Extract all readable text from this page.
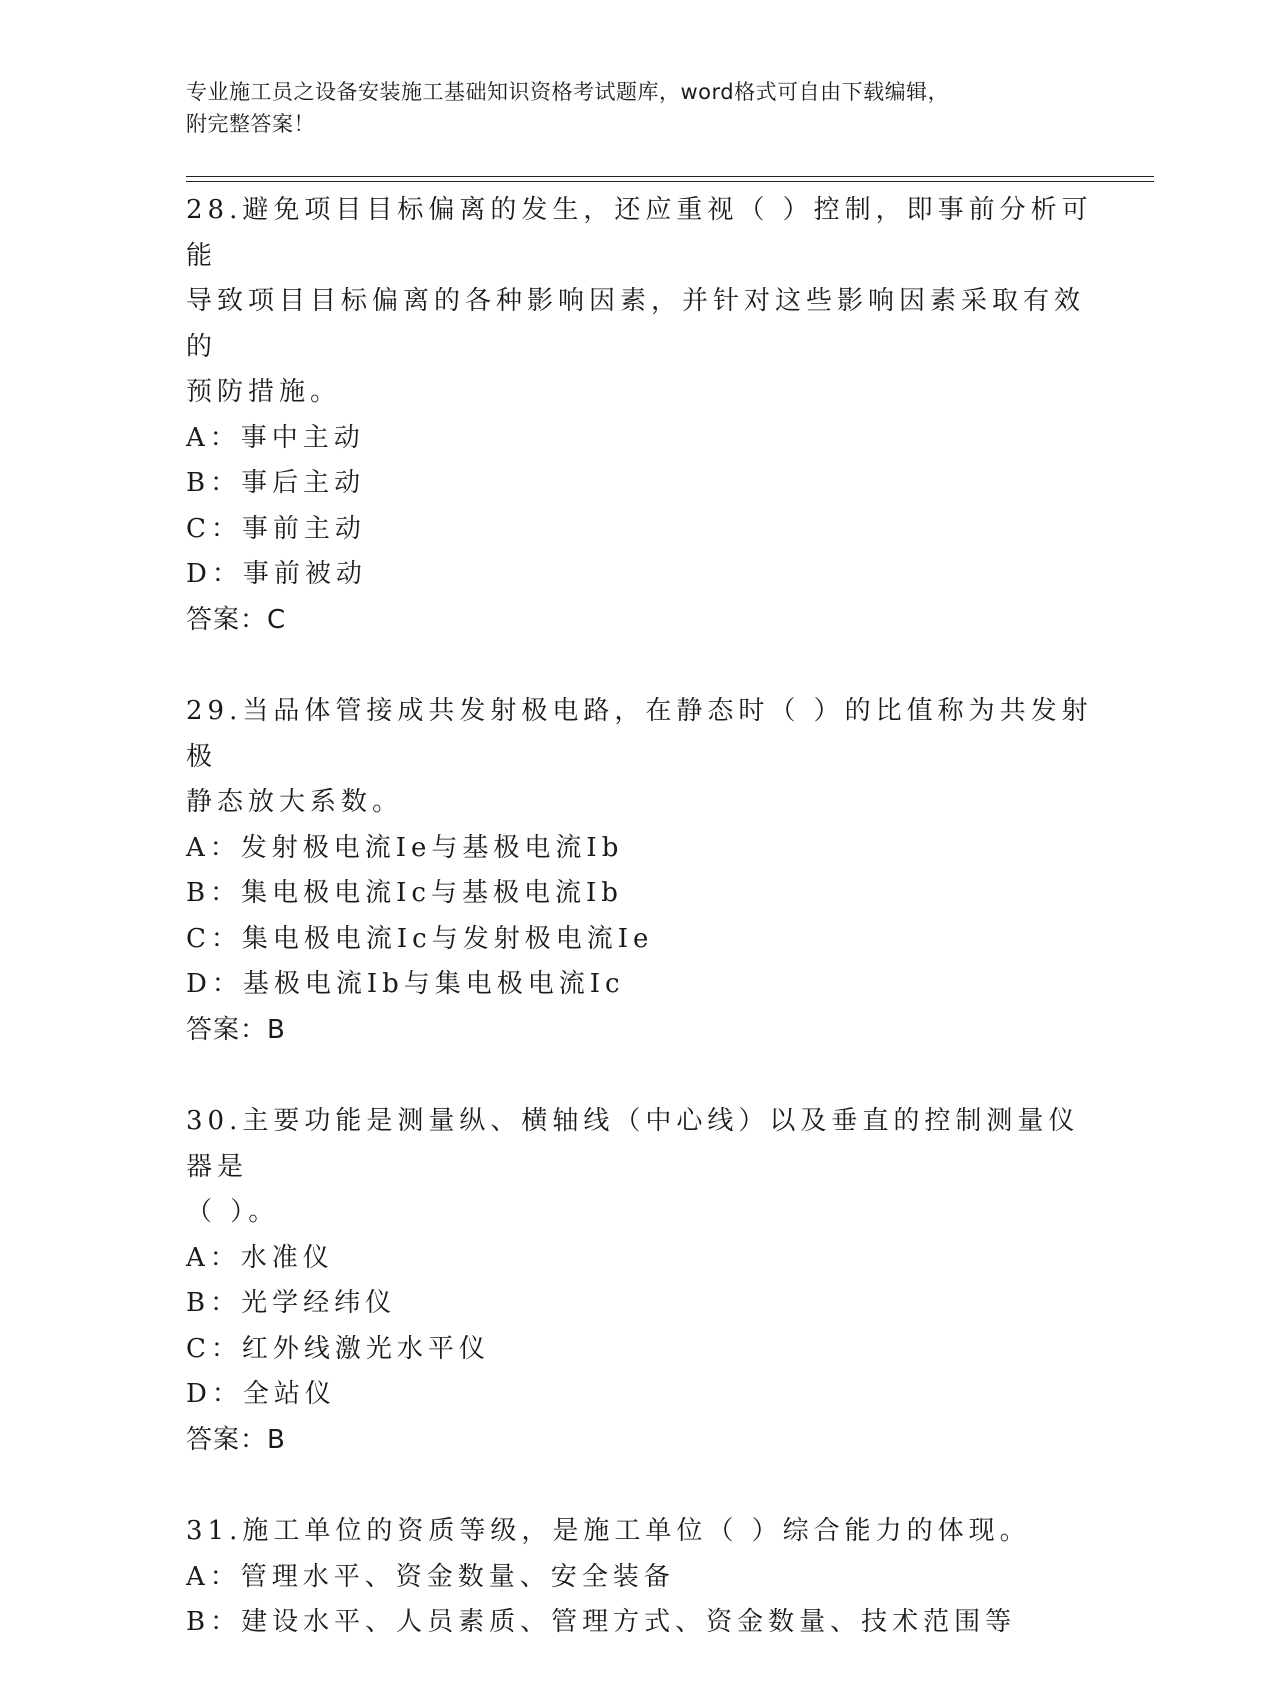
专业施工员之设备安装施工基础知识资格考试题库，word格式可自由下载编辑，
附完整答案！
28.避免项目目标偏离的发生，还应重视（ ）控制，即事前分析可能
导致项目目标偏离的各种影响因素，并针对这些影响因素采取有效的
预防措施。
A：事中主动
B：事后主动
C：事前主动
D：事前被动
答案：C
29.当品体管接成共发射极电路，在静态时（ ）的比值称为共发射极
静态放大系数。
A：发射极电流Ie与基极电流Ib
B：集电极电流Ic与基极电流Ib
C：集电极电流Ic与发射极电流Ie
D：基极电流Ib与集电极电流Ic
答案：B
30.主要功能是测量纵、横轴线（中心线）以及垂直的控制测量仪器是
（ ）。
A：水准仪
B：光学经纬仪
C：红外线激光水平仪
D：全站仪
答案：B
31.施工单位的资质等级，是施工单位（ ）综合能力的体现。
A：管理水平、资金数量、安全装备
B：建设水平、人员素质、管理方式、资金数量、技术范围等
